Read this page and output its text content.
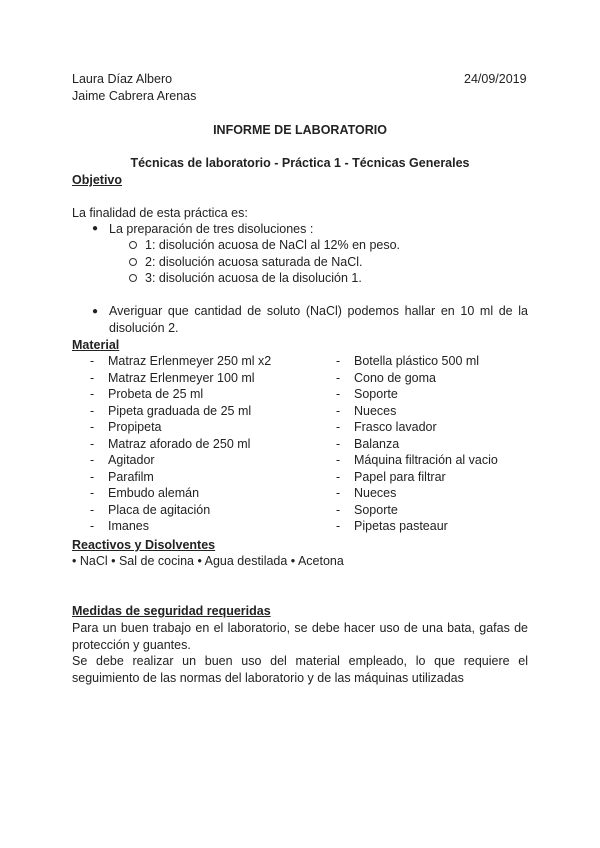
Laura Díaz Albero
Jaime Cabrera Arenas
24/09/2019
INFORME DE LABORATORIO
Técnicas de laboratorio - Práctica 1 - Técnicas Generales
Objetivo
La finalidad de esta práctica es:
● La preparación de tres disoluciones :
1: disolución acuosa de NaCl al 12% en peso.
2: disolución acuosa saturada de NaCl.
3: disolución acuosa de la disolución 1.
● Averiguar que cantidad de soluto (NaCl) podemos hallar en 10 ml de la
disolución 2.
Material
- Matraz Erlenmeyer 250 ml x2
- Matraz Erlenmeyer 100 ml
- Probeta de 25 ml
- Pipeta graduada de 25 ml
- Propipeta
- Matraz aforado de 250 ml
- Agitador
- Parafilm
- Embudo alemán
- Placa de agitación
- Imanes
- Botella plástico 500 ml
- Cono de goma
- Soporte
- Nueces
- Frasco lavador
- Balanza
- Máquina filtración al vacio
- Papel para filtrar
- Nueces
- Soporte
- Pipetas pasteaur
Reactivos y Disolventes
• NaCl • Sal de cocina • Agua destilada • Acetona
Medidas de seguridad requeridas
Para un buen trabajo en el laboratorio, se debe hacer uso de una bata, gafas de protección y guantes.
Se debe realizar un buen uso del material empleado, lo que requiere el seguimiento de las normas del laboratorio y de las máquinas utilizadas
